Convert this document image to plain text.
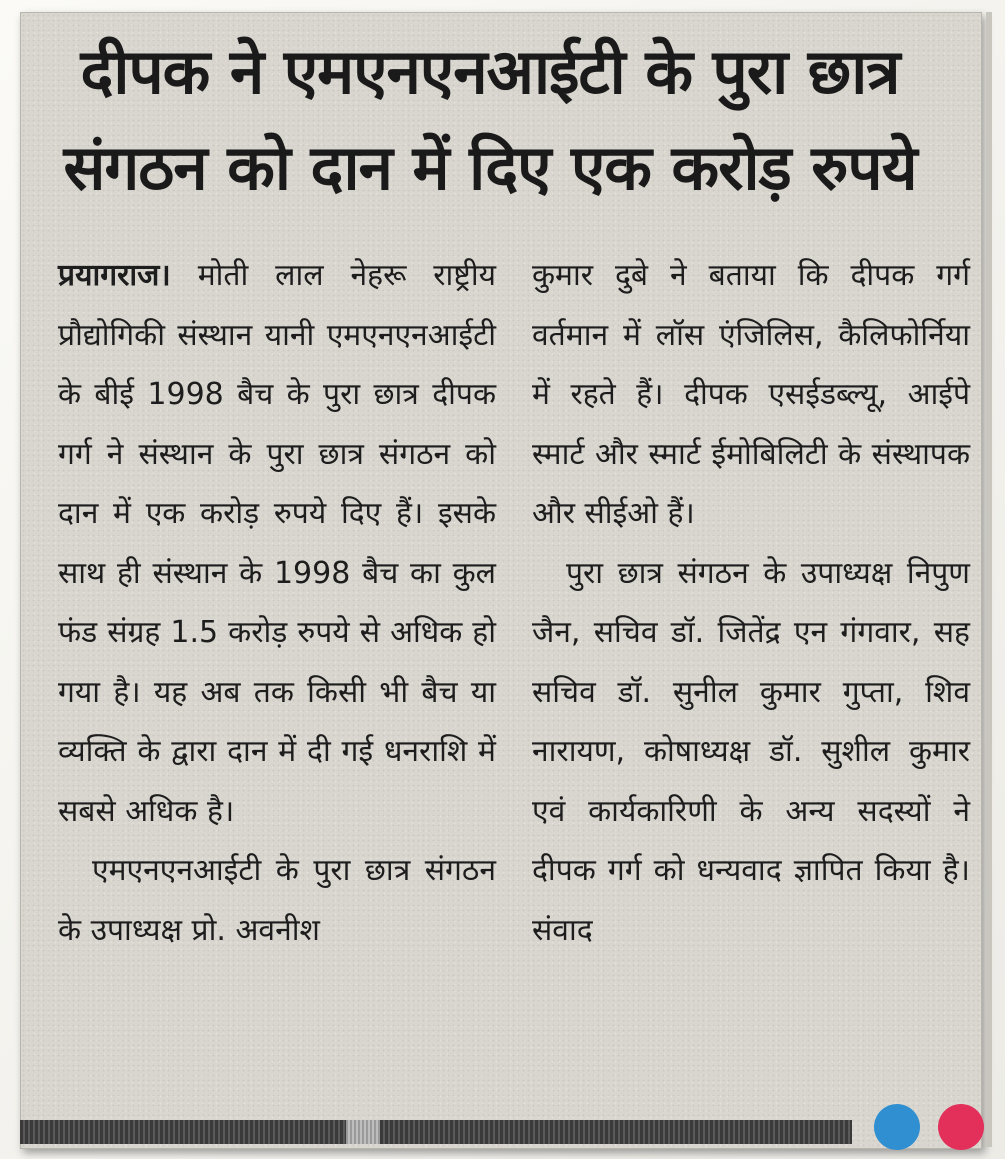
दीपक ने एमएनएनआईटी के पुरा छात्र
संगठन को दान में दिए एक करोड़ रुपये

प्रयागराज। मोती लाल नेहरू राष्ट्रीय प्रौद्योगिकी संस्थान यानी एमएनएनआईटी के बीई 1998 बैच के पुरा छात्र दीपक गर्ग ने संस्थान के पुरा छात्र संगठन को दान में एक करोड़ रुपये दिए हैं। इसके साथ ही संस्थान के 1998 बैच का कुल फंड संग्रह 1.5 करोड़ रुपये से अधिक हो गया है। यह अब तक किसी भी बैच या व्यक्ति के द्वारा दान में दी गई धनराशि में सबसे अधिक है।

एमएनएनआईटी के पुरा छात्र संगठन के उपाध्यक्ष प्रो. अवनीश

कुमार दुबे ने बताया कि दीपक गर्ग वर्तमान में लॉस एंजिलिस, कैलिफोर्निया में रहते हैं। दीपक एसईडब्ल्यू, आईपे स्मार्ट और स्मार्ट ईमोबिलिटी के संस्थापक और सीईओ हैं।

पुरा छात्र संगठन के उपाध्यक्ष निपुण जैन, सचिव डॉ. जितेंद्र एन गंगवार, सह सचिव डॉ. सुनील कुमार गुप्ता, शिव नारायण, कोषाध्यक्ष डॉ. सुशील कुमार एवं कार्यकारिणी के अन्य सदस्यों ने दीपक गर्ग को धन्यवाद ज्ञापित किया है। संवाद
